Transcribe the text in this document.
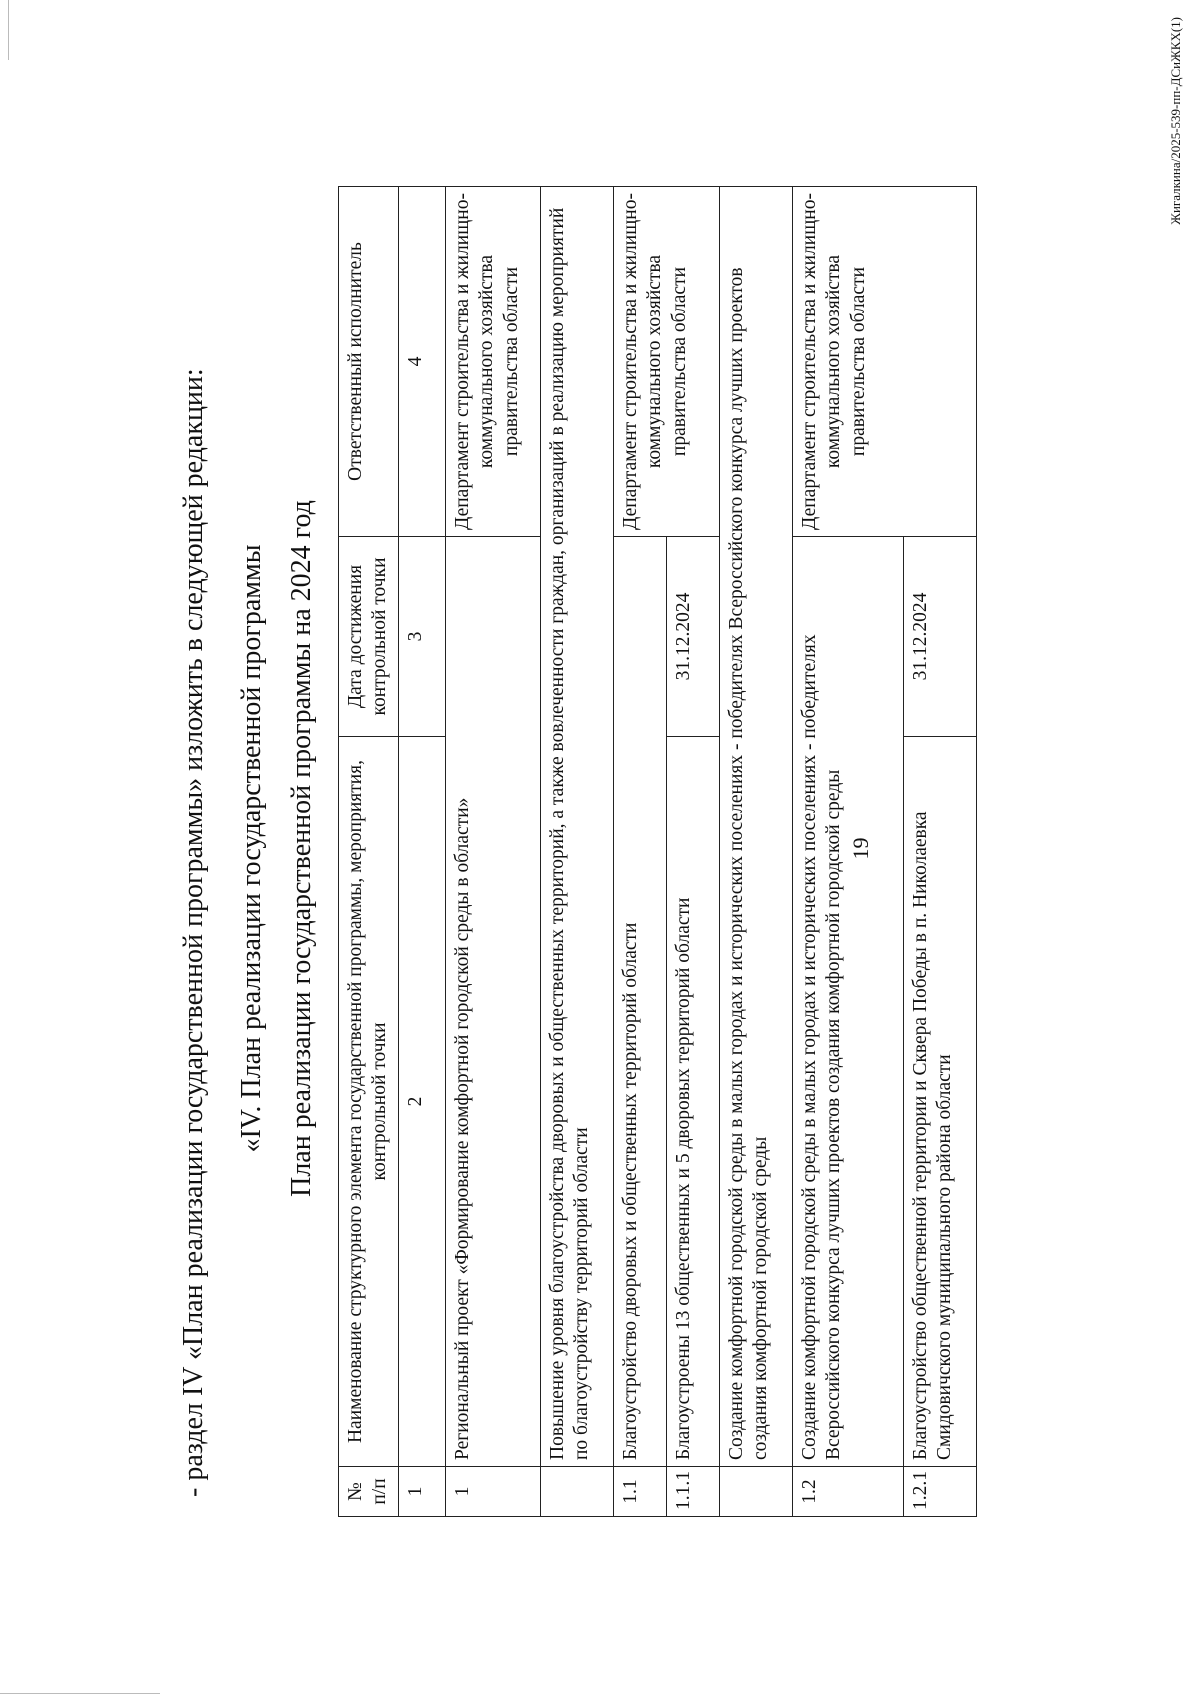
19
- раздел IV «План реализации государственной программы» изложить в следующей редакции: «IV. План реализации государственной программы План реализации государственной программы на 2024 год
№ п/п	Наименование структурного элемента государственной программы, мероприятия, контрольной точки	Дата достижения контрольной точки	Ответственный исполнитель
1	2	3	4
1	Региональный проект «Формирование комфортной городской среды в области»		Департамент строительства и жилищно-коммунального хозяйства правительства области
	Повышение уровня благоустройства дворовых и общественных территорий, а также вовлеченности граждан, организаций в реализацию мероприятий по благоустройству территорий области		
1.1	Благоустройство дворовых и общественных территорий области		Департамент строительства и жилищно-коммунального хозяйства правительства области
1.1.1	Благоустроены 13 общественных и 5 дворовых территорий области	31.12.2024	
	Создание комфортной городской среды в малых городах и исторических поселениях - победителях Всероссийского конкурса лучших проектов создания комфортной городской среды		
1.2	Создание комфортной городской среды в малых городах и исторических поселениях - победителях Всероссийского конкурса лучших проектов создания комфортной городской среды		Департамент строительства и жилищно-коммунального хозяйства правительства области
1.2.1	Благоустройство общественной территории и Сквера Победы в п. Николаевка Смидовичского муниципального района области	31.12.2024	
Жигалкина/2025-539-пп-ДСиЖКХ(1)
